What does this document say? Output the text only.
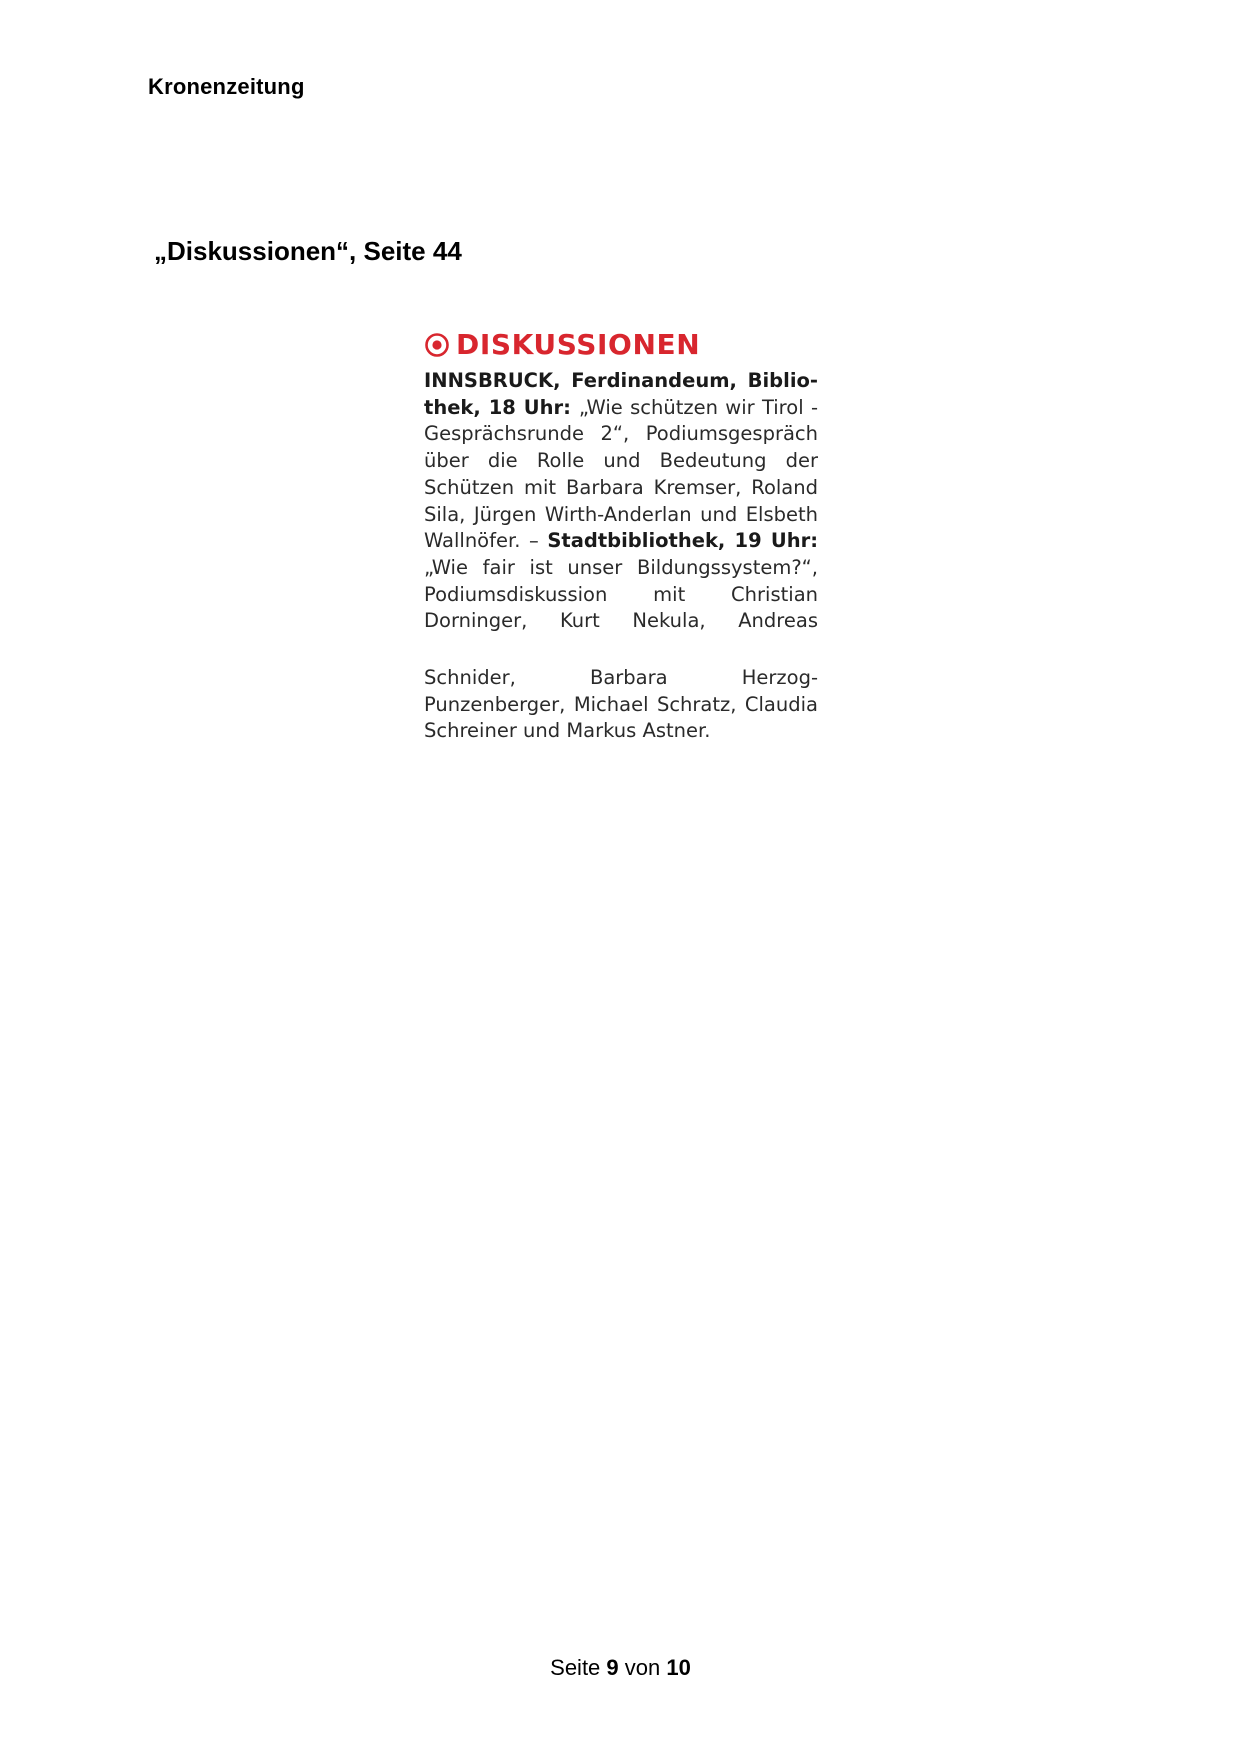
Kronenzeitung
„Diskussionen“, Seite 44
DISKUSSIONEN

INNSBRUCK, Ferdinandeum, Bibliothek, 18 Uhr: „Wie schützen wir Tirol - Gesprächsrunde 2“, Podiumsgespräch über die Rolle und Bedeutung der Schützen mit Barbara Kremser, Roland Sila, Jürgen Wirth-Anderlan und Elsbeth Wallnöfer. – Stadtbibliothek, 19 Uhr: „Wie fair ist unser Bildungssystem?“, Podiumsdiskussion mit Christian Dorninger, Kurt Nekula, Andreas

Schnider, Barbara Herzog-Punzenberger, Michael Schratz, Claudia Schreiner und Markus Astner.

Seite 9 von 10
